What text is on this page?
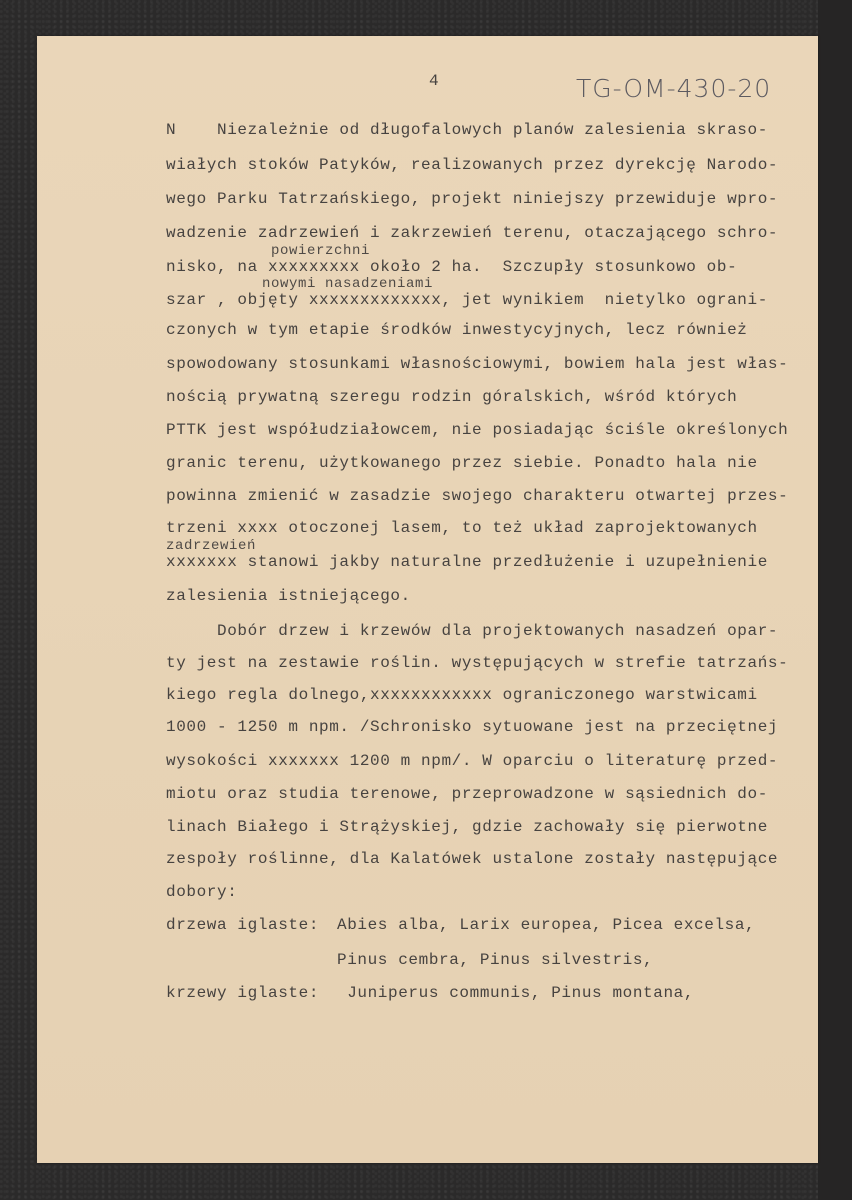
4	TG-OM-430-20
N    Niezależnie od długofalowych planów zalesienia skraso-
wiałych stoków Patyków, realizowanych przez dyrekcję Narodo-
wego Parku Tatrzańskiego, projekt niniejszy przewiduje wpro-
wadzenie zadrzewień i zakrzewień terenu, otaczającego schro-
powierzchni
nisko, na xxxxxxxxx około 2 ha.  Szczupły stosunkowo ob-
nowymi nasadzeniami
szar , objęty xxxxxxxxxxxxx, jet wynikiem  nietylko ograni-
czonych w tym etapie środków inwestycyjnych, lecz również
spowodowany stosunkami własnościowymi, bowiem hala jest włas-
nością prywatną szeregu rodzin góralskich, wśród których
PTTK jest współudziałowcem, nie posiadając ściśle określonych
granic terenu, użytkowanego przez siebie. Ponadto hala nie
powinna zmienić w zasadzie swojego charakteru otwartej przes-
trzeni xxxx otoczonej lasem, to też układ zaprojektowanych
zadrzewień
xxxxxxx stanowi jakby naturalne przedłużenie i uzupełnienie
zalesienia istniejącego.
Dobór drzew i krzewów dla projektowanych nasadzeń opar-
ty jest na zestawie roślin. występujących w strefie tatrzańs-
kiego regla dolnego,xxxxxxxxxxxx ograniczonego warstwicami
1000 - 1250 m npm. /Schronisko sytuowane jest na przeciętnej
wysokości xxxxxxx 1200 m npm/. W oparciu o literaturę przed-
miotu oraz studia terenowe, przeprowadzone w sąsiednich do-
linach Białego i Strążyskiej, gdzie zachowały się pierwotne
zespoły roślinne, dla Kalatówek ustalone zostały następujące
dobory:
drzewa iglaste: Abies alba, Larix europea, Picea excelsa,
Pinus cembra, Pinus silvestris,
krzewy iglaste: Juniperus communis, Pinus montana,
